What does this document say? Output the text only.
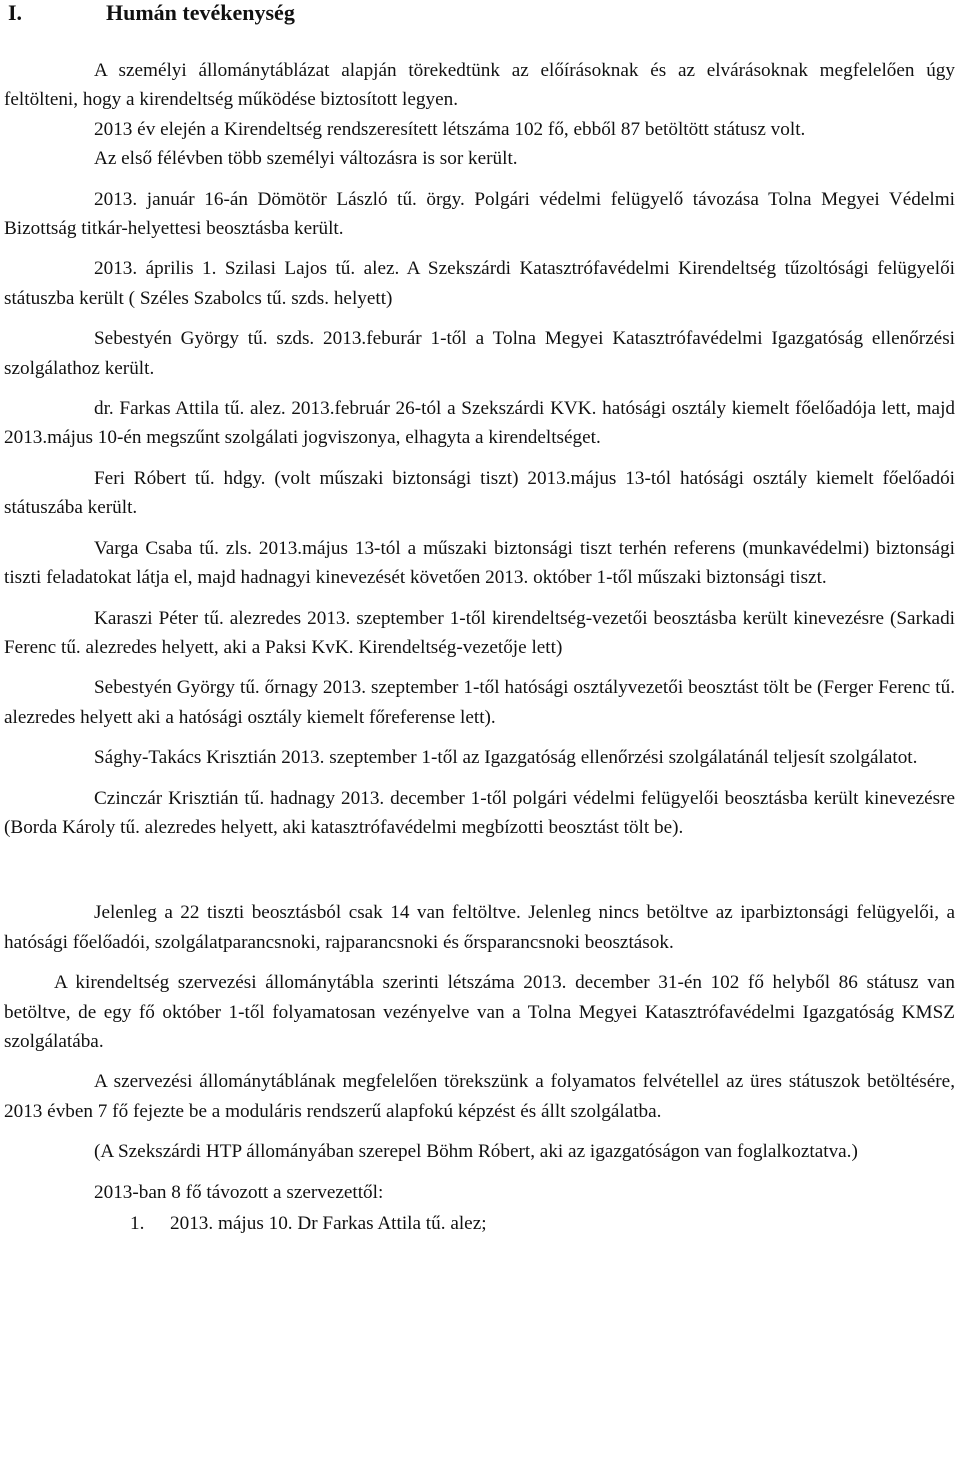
I.	Humán tevékenység

A személyi állománytáblázat alapján törekedtünk az előírásoknak és az elvárásoknak megfelelően úgy feltölteni, hogy a kirendeltség működése biztosított legyen.

2013 év elején a Kirendeltség rendszeresített létszáma 102 fő, ebből 87 betöltött státusz volt.

Az első félévben több személyi változásra is sor került.

2013. január 16-án Dömötör László tű. örgy. Polgári védelmi felügyelő távozása Tolna Megyei Védelmi Bizottság titkár-helyettesi beosztásba került.

2013. április 1. Szilasi Lajos tű. alez. A Szekszárdi Katasztrófavédelmi Kirendeltség tűzoltósági felügyelői státuszba került ( Széles Szabolcs tű. szds. helyett)

Sebestyén György tű. szds. 2013.feburár 1-től a Tolna Megyei Katasztrófavédelmi Igazgatóság ellenőrzési szolgálathoz került.

dr. Farkas Attila tű. alez. 2013.február 26-tól a Szekszárdi KVK. hatósági osztály kiemelt főelőadója lett, majd 2013.május 10-én megszűnt szolgálati jogviszonya, elhagyta a kirendeltséget.

Feri Róbert tű. hdgy. (volt műszaki biztonsági tiszt) 2013.május 13-tól hatósági osztály kiemelt főelőadói státuszába került.

Varga Csaba tű. zls. 2013.május 13-tól a műszaki biztonsági tiszt terhén referens (munkavédelmi) biztonsági tiszti feladatokat látja el, majd hadnagyi kinevezését követően 2013. október 1-től műszaki biztonsági tiszt.

Karaszi Péter tű. alezredes 2013. szeptember 1-től kirendeltség-vezetői beosztásba került kinevezésre (Sarkadi Ferenc tű. alezredes helyett, aki a Paksi KvK. Kirendeltség-vezetője lett)

Sebestyén György tű. őrnagy 2013. szeptember 1-től hatósági osztályvezetői beosztást tölt be (Ferger Ferenc tű. alezredes helyett aki a hatósági osztály kiemelt főreferense lett).

Sághy-Takács Krisztián 2013. szeptember 1-től az Igazgatóság ellenőrzési szolgálatánál teljesít szolgálatot.

Czinczár Krisztián tű. hadnagy 2013. december 1-től polgári védelmi felügyelői beosztásba került kinevezésre (Borda Károly tű. alezredes helyett, aki katasztrófavédelmi megbízotti beosztást tölt be).

Jelenleg a 22 tiszti beosztásból csak 14 van feltöltve. Jelenleg nincs betöltve az iparbiztonsági felügyelői, a hatósági főelőadói, szolgálatparancsnoki, rajparancsnoki és őrsparancsnoki beosztások.

A kirendeltség szervezési állománytábla szerinti létszáma 2013. december 31-én 102 fő helyből 86 státusz van betöltve, de egy fő október 1-től folyamatosan vezényelve van a Tolna Megyei Katasztrófavédelmi Igazgatóság KMSZ szolgálatába.

A szervezési állománytáblának megfelelően törekszünk a folyamatos felvétellel az üres státuszok betöltésére, 2013 évben 7 fő fejezte be a moduláris rendszerű alapfokú képzést és állt szolgálatba.

(A Szekszárdi HTP állományában szerepel Böhm Róbert, aki az igazgatóságon van foglalkoztatva.)

2013-ban 8 fő távozott a szervezettől:

1. 2013. május 10. Dr Farkas Attila tű. alez;
